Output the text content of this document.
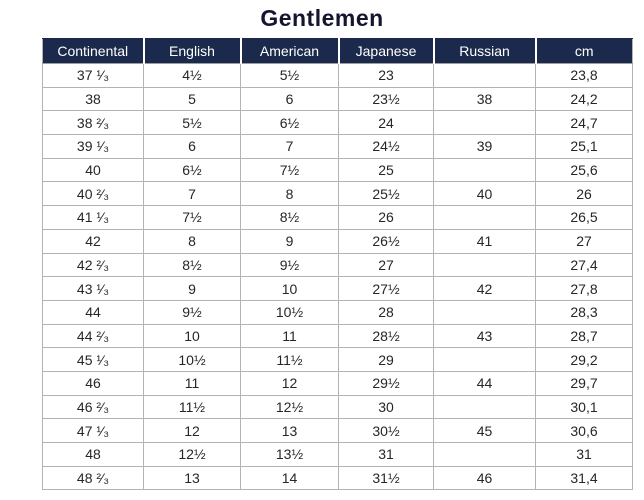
Gentlemen
Continental	English	American	Japanese	Russian	cm
37 ¹⁄₃	4½	5½	23		23,8
38	5	6	23½	38	24,2
38 ²⁄₃	5½	6½	24		24,7
39 ¹⁄₃	6	7	24½	39	25,1
40	6½	7½	25		25,6
40 ²⁄₃	7	8	25½	40	26
41 ¹⁄₃	7½	8½	26		26,5
42	8	9	26½	41	27
42 ²⁄₃	8½	9½	27		27,4
43 ¹⁄₃	9	10	27½	42	27,8
44	9½	10½	28		28,3
44 ²⁄₃	10	11	28½	43	28,7
45 ¹⁄₃	10½	11½	29		29,2
46	11	12	29½	44	29,7
46 ²⁄₃	11½	12½	30		30,1
47 ¹⁄₃	12	13	30½	45	30,6
48	12½	13½	31		31
48 ²⁄₃	13	14	31½	46	31,4
